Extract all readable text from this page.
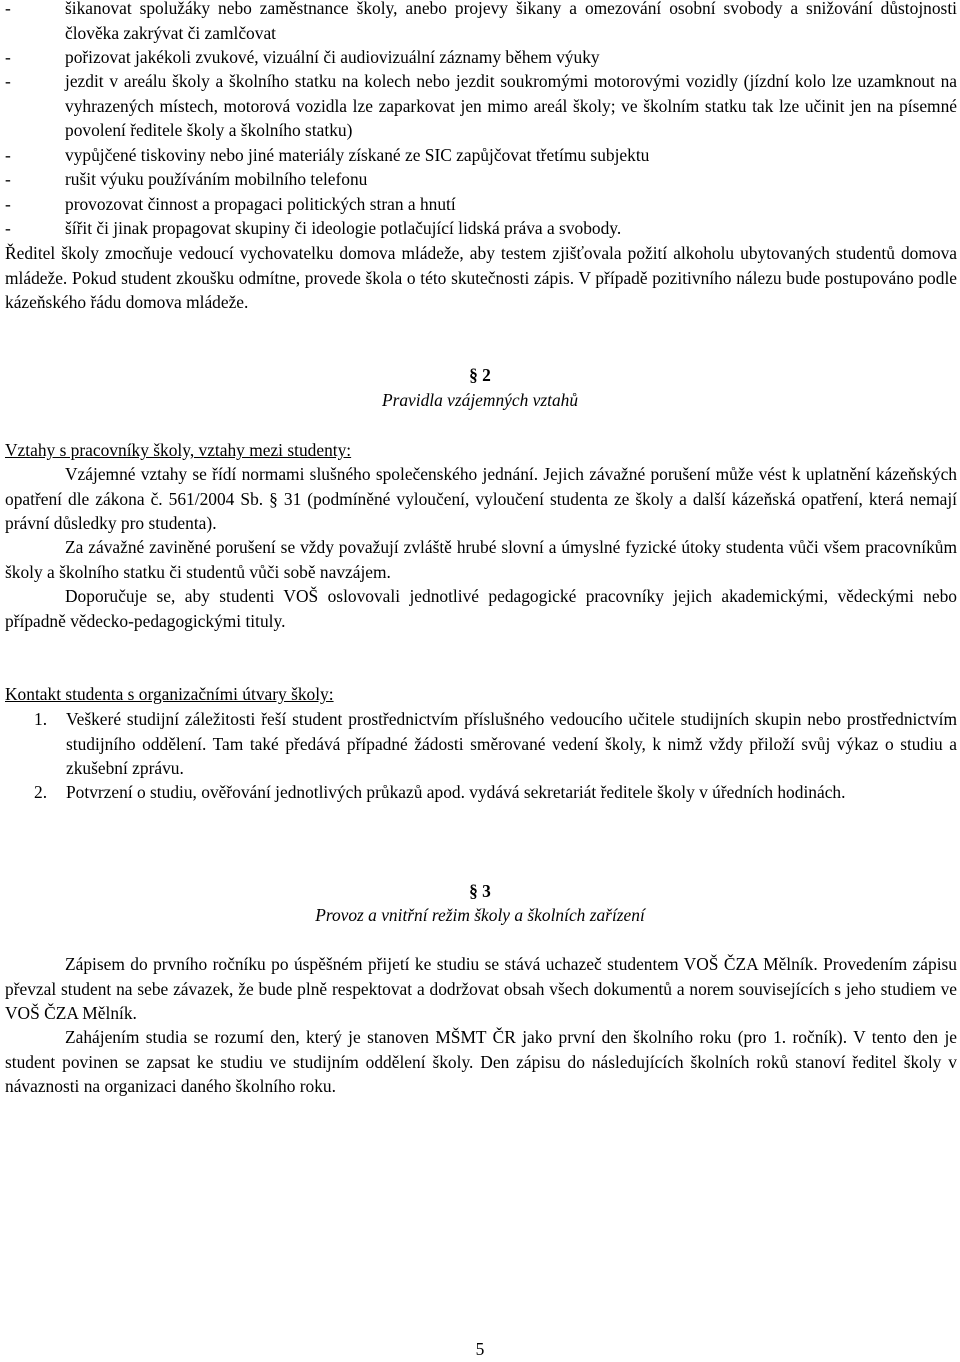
- šikanovat spolužáky nebo zaměstnance školy, anebo projevy šikany a omezování osobní svobody a snižování důstojnosti člověka zakrývat či zamlčovat
- pořizovat jakékoli zvukové, vizuální či audiovizuální záznamy během výuky
- jezdit v areálu školy a školního statku na kolech nebo jezdit soukromými motorovými vozidly (jízdní kolo lze uzamknout na vyhrazených místech, motorová vozidla lze zaparkovat jen mimo areál školy; ve školním statku tak lze učinit jen na písemné povolení ředitele školy a školního statku)
- vypůjčené tiskoviny nebo jiné materiály získané ze SIC zapůjčovat třetímu subjektu
- rušit výuku používáním mobilního telefonu
- provozovat činnost a propagaci politických stran a hnutí
- šířit či jinak propagovat skupiny či ideologie potlačující lidská práva a svobody.
Ředitel školy zmocňuje vedoucí vychovatelku domova mládeže, aby testem zjišťovala požití alkoholu ubytovaných studentů domova mládeže. Pokud student zkoušku odmítne, provede škola o této skutečnosti zápis. V případě pozitivního nálezu bude postupováno podle kázeňského řádu domova mládeže.
§ 2
Pravidla vzájemných vztahů
Vztahy s pracovníky školy, vztahy mezi studenty:
Vzájemné vztahy se řídí normami slušného společenského jednání. Jejich závažné porušení může vést k uplatnění kázeňských opatření dle zákona č. 561/2004 Sb. § 31 (podmíněné vyloučení, vyloučení studenta ze školy a další kázeňská opatření, která nemají právní důsledky pro studenta).
Za závažné zaviněné porušení se vždy považují zvláště hrubé slovní a úmyslné fyzické útoky studenta vůči všem pracovníkům školy a školního statku či studentů vůči sobě navzájem.
Doporučuje se, aby studenti VOŠ oslovovali jednotlivé pedagogické pracovníky jejich akademickými, vědeckými nebo případně vědecko-pedagogickými tituly.
Kontakt studenta s organizačními útvary školy:
1. Veškeré studijní záležitosti řeší student prostřednictvím příslušného vedoucího učitele studijních skupin nebo prostřednictvím studijního oddělení. Tam také předává případné žádosti směrované vedení školy, k nimž vždy přiloží svůj výkaz o studiu a zkušební zprávu.
2. Potvrzení o studiu, ověřování jednotlivých průkazů apod. vydává sekretariát ředitele školy v úředních hodinách.
§ 3
Provoz a vnitřní režim školy a školních zařízení
Zápisem do prvního ročníku po úspěšném přijetí ke studiu se stává uchazeč studentem VOŠ ČZA Mělník. Provedením zápisu převzal student na sebe závazek, že bude plně respektovat a dodržovat obsah všech dokumentů a norem souvisejících s jeho studiem ve VOŠ ČZA Mělník.
Zahájením studia se rozumí den, který je stanoven MŠMT ČR jako první den školního roku (pro 1. ročník). V tento den je student povinen se zapsat ke studiu ve studijním oddělení školy. Den zápisu do následujících školních roků stanoví ředitel školy v návaznosti na organizaci daného školního roku.
5
